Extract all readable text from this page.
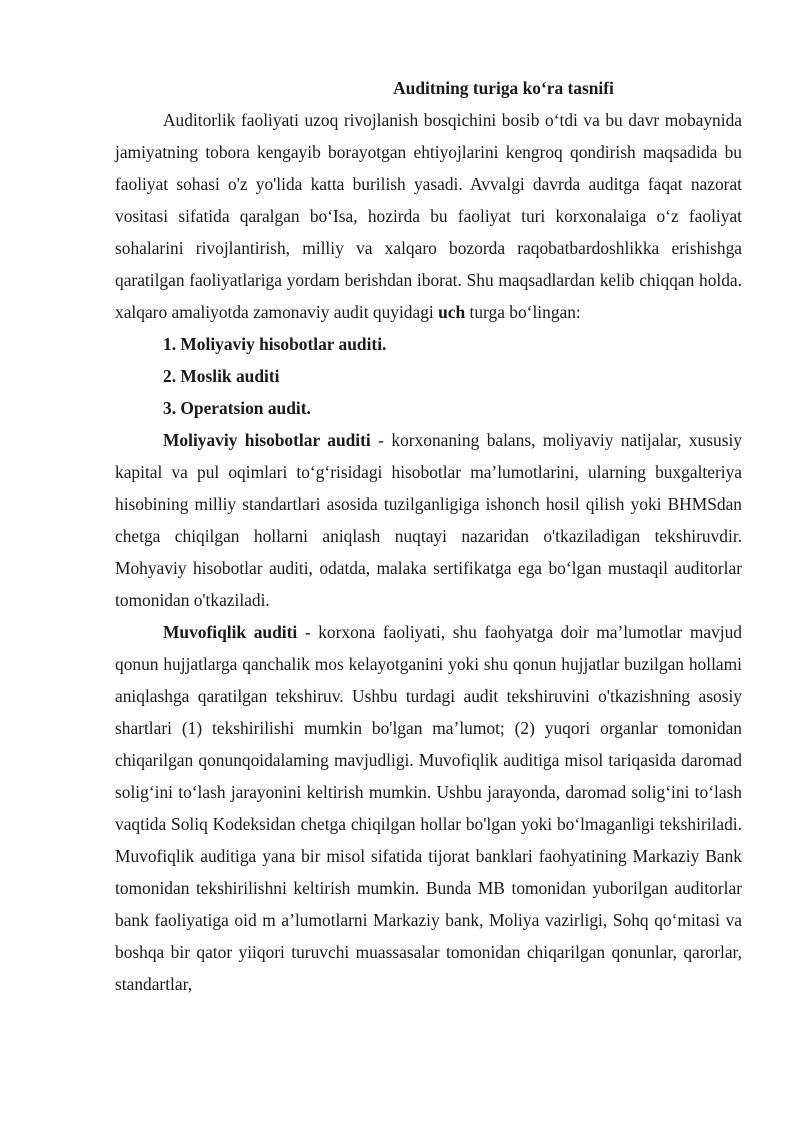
Auditning turiga ko‘ra tasnifi

Auditorlik faoliyati uzoq rivojlanish bosqichini bosib o‘tdi va bu davr mobaynida jamiyatning tobora kengayib borayotgan ehtiyojlarini kengroq qondirish maqsadida bu faoliyat sohasi o'z yo'lida katta burilish yasadi. Avvalgi davrda auditga faqat nazorat vositasi sifatida qaralgan bo‘Isa, hozirda bu faoliyat turi korxonalaiga o‘z faoliyat sohalarini rivojlantirish, milliy va xalqaro bozorda raqobatbardoshlikka erishishga qaratilgan faoliyatlariga yordam berishdan iborat. Shu maqsadlardan kelib chiqqan holda. xalqaro amaliyotda zamonaviy audit quyidagi uch turga bo‘lingan:

1. Moliyaviy hisobotlar auditi.
2. Moslik auditi
3. Operatsion audit.

Moliyaviy hisobotlar auditi - korxonaning balans, moliyaviy natijalar, xususiy kapital va pul oqimlari to‘g‘risidagi hisobotlar ma’lumotlarini, ularning buxgalteriya hisobining milliy standartlari asosida tuzilganligiga ishonch hosil qilish yoki BHMSdan chetga chiqilgan hollarni aniqlash nuqtayi nazaridan o'tkaziladigan tekshiruvdir. Mohyaviy hisobotlar auditi, odatda, malaka sertifikatga ega bo‘lgan mustaqil auditorlar tomonidan o'tkaziladi.

Muvofiqlik auditi - korxona faoliyati, shu faohyatga doir ma’lumotlar mavjud qonun hujjatlarga qanchalik mos kelayotganini yoki shu qonun hujjatlar buzilgan hollami aniqlashga qaratilgan tekshiruv. Ushbu turdagi audit tekshiruvini o'tkazishning asosiy shartlari (1) tekshirilishi mumkin bo'lgan ma’lumot; (2) yuqori organlar tomonidan chiqarilgan qonunqoidalaming mavjudligi. Muvofiqlik auditiga misol tariqasida daromad solig‘ini to‘lash jarayonini keltirish mumkin. Ushbu jarayonda, daromad solig‘ini to‘lash vaqtida Soliq Kodeksidan chetga chiqilgan hollar bo'lgan yoki bo‘lmaganligi tekshiriladi. Muvofiqlik auditiga yana bir misol sifatida tijorat banklari faohyatining Markaziy Bank tomonidan tekshirilishni keltirish mumkin. Bunda MB tomonidan yuborilgan auditorlar bank faoliyatiga oid m a’lumotlarni Markaziy bank, Moliya vazirligi, Sohq qo‘mitasi va boshqa bir qator yiiqori turuvchi muassasalar tomonidan chiqarilgan qonunlar, qarorlar, standartlar,
